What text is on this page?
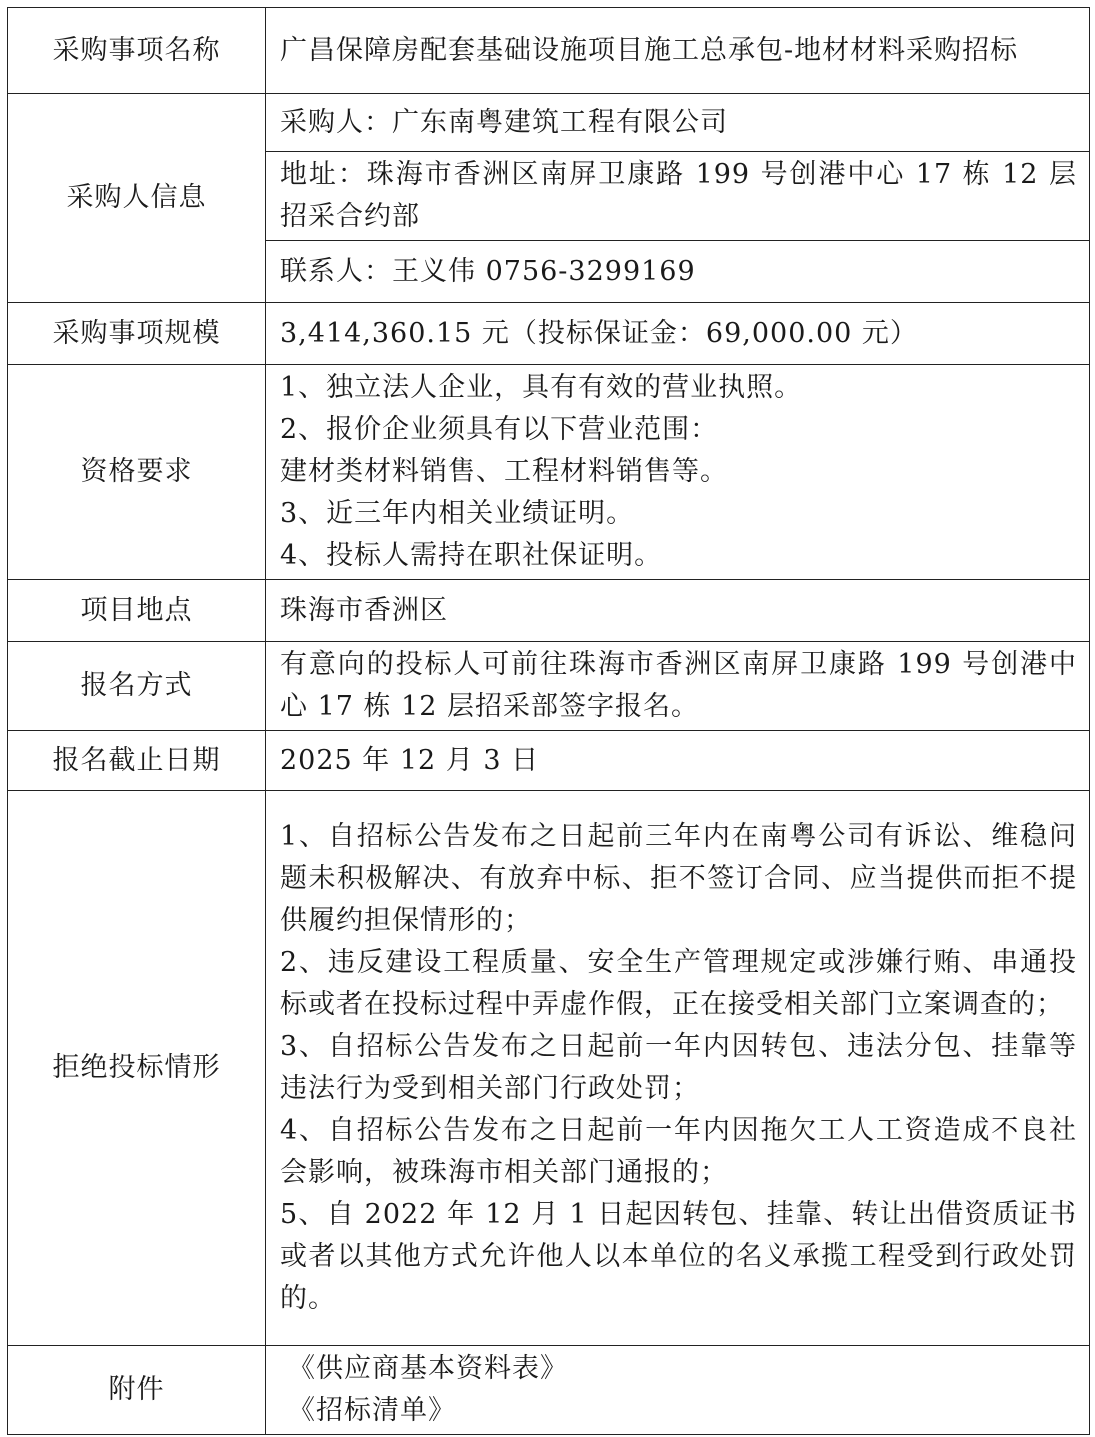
采购事项名称	广昌保障房配套基础设施项目施工总承包-地材材料采购招标
采购人信息	采购人：广东南粤建筑工程有限公司
	地址：珠海市香洲区南屏卫康路 199 号创港中心 17 栋 12 层招采合约部
	联系人：王义伟 0756-3299169
采购事项规模	3,414,360.15 元（投标保证金：69,000.00 元）
资格要求	1、独立法人企业，具有有效的营业执照。
2、报价企业须具有以下营业范围：
建材类材料销售、工程材料销售等。
3、近三年内相关业绩证明。
4、投标人需持在职社保证明。

项目地点	珠海市香洲区
报名方式	有意向的投标人可前往珠海市香洲区南屏卫康路 199 号创港中心 17 栋 12 层招采部签字报名。
报名截止日期	2025 年 12 月 3 日
拒绝投标情形	1、自招标公告发布之日起前三年内在南粤公司有诉讼、维稳问题未积极解决、有放弃中标、拒不签订合同、应当提供而拒不提供履约担保情形的；
2、违反建设工程质量、安全生产管理规定或涉嫌行贿、串通投标或者在投标过程中弄虚作假，正在接受相关部门立案调查的；
3、自招标公告发布之日起前一年内因转包、违法分包、挂靠等违法行为受到相关部门行政处罚；
4、自招标公告发布之日起前一年内因拖欠工人工资造成不良社会影响，被珠海市相关部门通报的；
5、自 2022 年 12 月 1 日起因转包、挂靠、转让出借资质证书或者以其他方式允许他人以本单位的名义承揽工程受到行政处罚的。

附件	《供应商基本资料表》
《招标清单》
